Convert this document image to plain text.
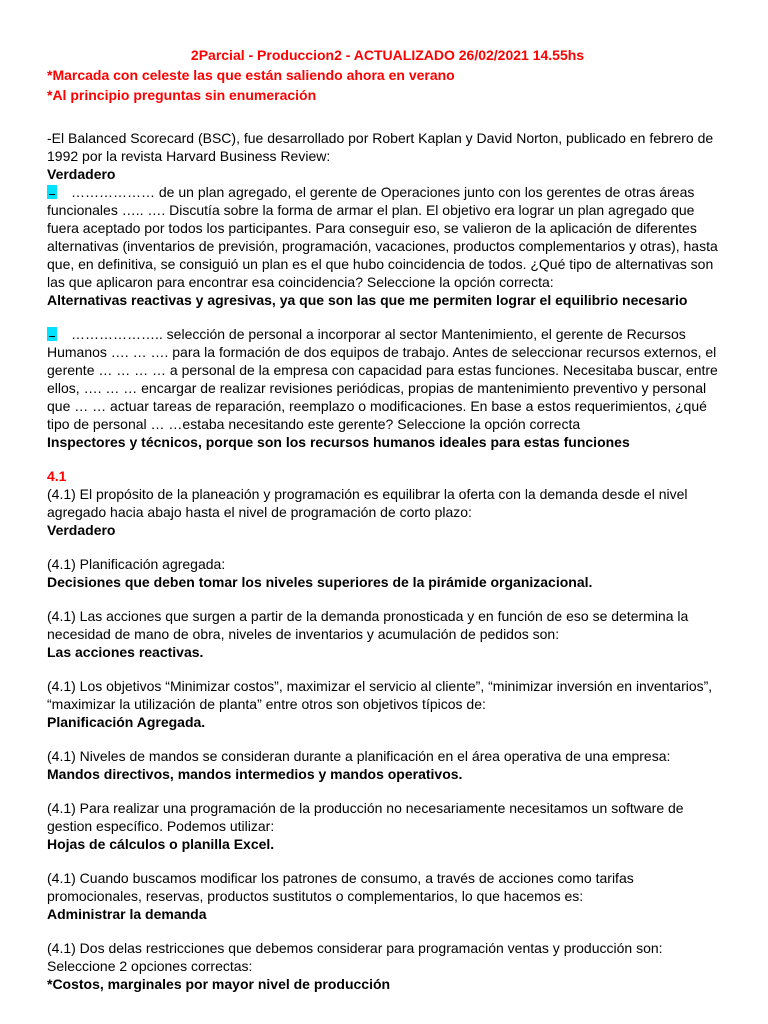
2Parcial - Produccion2 - ACTUALIZADO 26/02/2021 14.55hs

*Marcada con celeste las que están saliendo ahora en verano

*Al principio preguntas sin enumeración

-El Balanced Scorecard (BSC), fue desarrollado por Robert Kaplan y David Norton, publicado en febrero de 1992 por la revista Harvard Business Review:

Verdadero

……………… de un plan agregado, el gerente de Operaciones junto con los gerentes de otras áreas funcionales ….. …. Discutía sobre la forma de armar el plan. El objetivo era lograr un plan agregado que fuera aceptado por todos los participantes. Para conseguir eso, se valieron de la aplicación de diferentes alternativas (inventarios de previsión, programación, vacaciones, productos complementarios y otras), hasta que, en definitiva, se consiguió un plan es el que hubo coincidencia de todos. ¿Qué tipo de alternativas son las que aplicaron para encontrar esa coincidencia? Seleccione la opción correcta:

Alternativas reactivas y agresivas, ya que son las que me permiten lograr el equilibrio necesario

……………….. selección de personal a incorporar al sector Mantenimiento, el gerente de Recursos Humanos …. … …. para la formación de dos equipos de trabajo. Antes de seleccionar recursos externos, el gerente … … … … a personal de la empresa con capacidad para estas funciones. Necesitaba buscar, entre ellos, …. … … encargar de realizar revisiones periódicas, propias de mantenimiento preventivo y personal que … … actuar tareas de reparación, reemplazo o modificaciones. En base a estos requerimientos, ¿qué tipo de personal … …estaba necesitando este gerente? Seleccione la opción correcta

Inspectores y técnicos, porque son los recursos humanos ideales para estas funciones

4.1

(4.1) El propósito de la planeación y programación es equilibrar la oferta con la demanda desde el nivel agregado hacia abajo hasta el nivel de programación de corto plazo:

Verdadero

(4.1) Planificación agregada:

Decisiones que deben tomar los niveles superiores de la pirámide organizacional.

(4.1) Las acciones que surgen a partir de la demanda pronosticada y en función de eso se determina la necesidad de mano de obra, niveles de inventarios y acumulación de pedidos son:

Las acciones reactivas.

(4.1) Los objetivos “Minimizar costos”, maximizar el servicio al cliente”, “minimizar inversión en inventarios”, “maximizar la utilización de planta” entre otros son objetivos típicos de:

Planificación Agregada.

(4.1) Niveles de mandos se consideran durante a planificación en el área operativa de una empresa:

Mandos directivos, mandos intermedios y mandos operativos.

(4.1) Para realizar una programación de la producción no necesariamente necesitamos un software de gestion específico. Podemos utilizar:

Hojas de cálculos o planilla Excel.

(4.1) Cuando buscamos modificar los patrones de consumo, a través de acciones como tarifas promocionales, reservas, productos sustitutos o complementarios, lo que hacemos es:

Administrar la demanda

(4.1) Dos delas restricciones que debemos considerar para programación ventas y producción son: Seleccione 2 opciones correctas:

*Costos, marginales por mayor nivel de producción
